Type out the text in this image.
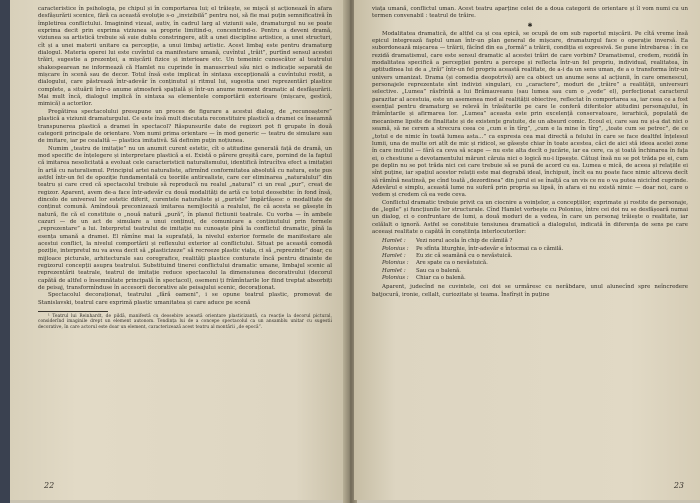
caracteristice în psihologia, pe chipul și în comportarea lui; el trăiește, se mișcă și acționează în afara desfășurării scenice, fără ca această evoluție s-o „invizibilă” pentru noi, să fie mai puțin semnificativă în împletirea conflictului. Imaginind vizual, autiv, în cadrul larg al viziunii sale, dramaturgul nu se poate exprima decit prin exprima viziunea sa proprie limitind-o, concentrind-o. Pentru a deveni dramă, viziunea sa artistică trebuie să suie dublu constringere, atît a unei discipline artistice, a unei structuri, cît și a unei materii unitare ca percepție, a unui limbaj artistic. Acest limbaj este pentru dramaturg dialogul. Materia operei lui este cuvîntul ca manifestare umană, cuvîntul „trăit”, purtînd sensul acestei trăiri, sugestie a prezenței, a mișcării fizice și interioare etc. Un temeinic cunoscător al teatrului shakespearean ne informează că Hamlet nu cuprinde în manuscrisul său nici o indicație separată de mișcare în scenă sau de decor. Totul însă este implicat în sintaxa excepțională a cuvîntului rostit, a dialogului, care păstrează într-adevăr în conținutul și ritmul lui, sugestia unei reprezentări plastice complete, a situării într-o anume atmosferă spațială și într-un anume moment dramatic al desfășurării. Mai mult încă, dialogul implică în sintaxa sa elementele comportării exterioare (mișcare, gestică, mimică) a actorilor.

Pregătirea spectacolului presupune un proces de figurare a acestui dialog, de „recunoaștere” plastică a viziunii dramaturgului. Ce este însă mult discutata reconstituire plastică a dramei ce înseamnă transpunerea plastică a dramei în spectacol? Răspunsurile date de regizori pot fi grupate în două categorii principale de orientare. Vom numi prima orientare — în mod generic — teatru de simulare sau de imitare, iar pe cealaltă — plastica imitativă. Să definim puțin noțiunea.

Numim „teatru de imitație” nu un anumit curent estetic, cît o atitudine generală față de dramă, un mod specific de înțelegere și interpretare plastică a ei. Există o părere greșită care, pornind de la faptul că imitarea nesolicitată a evoluat cele caracteristicii naturalismului, identifică întrucîtva efect a imitației în artă cu naturalismul. Principiul artei naturaliste, afirmînd conformitatea absolută cu natura, este pus astfel într-un fel de opoziție fundamentală cu teoriile antirealiste, care cer eliminarea „naturalului” din teatru și care cred că spectacolul trebuie să reproducă nu realul „natural” ci un real „pur”, creat de regizor. Aparent, avem de-a face într-adevăr cu două modalități de artă cu totul deosebite: în fond însă, dincolo de universul lor estetic diferit, curentele naturaliste și „puriste” împărtășesc o modalitate de conținut comună. Amîndouă preconizează imitarea nemijlocită a realului, fie că acesta se găsește în natură, fie că el constituie o „nouă natură „pură”, în planul fictiunii teatrale. Cu vorba — în ambele cazuri — de un act de simulare a unui conținut, de comunicare a conținutului prin formele „reprezentare” a lui. Interpretul teatrului de imitație nu cunoaște pînă la conflictul dramatic, pînă la esența umană a dramei. El rămîne mai la suprafață, la nivelul exterior formele de manifestare ale acestui conflict, la nivelul comportării și reflexului exterior al conflictului. Situat pe această comodă poziție, interpretul nu va avea decit să „plasticizeze” să recreeze plastic viața, ci să „reprezinte” doar, cu mijloace picturale, arhitecturale sau coregrafice, realități plastice conturate încă pentru dinainte de regizorul concepții asupra teatrului. Substituind tinerei conflictului dramatic umane, limbajul scenic al reprezentării teatrale, teatrul de imitație reduce spectacolul la dimensiunea decorativului (decorul capătă de altfel o însemnătate principală în spectacol), osemeni ți frămîntarile lor fiind treptat absorbiți de peisaj, transformînduse în accesorii decorative ale peisajului scenic, decoraționat.

Spectacolul decoraționat, teatrului „fără oameni”, i se opune teatrul plastic, promovat de Stanislavski, teatrul care exprimă plastic umanitatea și care aduce pe scenă

¹ Teatrul lui Reinhardt, de pildă, manifestă cu deosebire această orientare plasticizantă, ca reacție la decorul pictural, considerînd imaginile drept un element autonom. Tendința lui de a concepe spectacolul ca un ansamblu unitar cu sugestii decorative, în care actorul este doar un element, caracterizează acest teatru al montării „de epocă”.

22

viața umană, conflictul uman. Acest teatru aparține celei de a doua categorii de orientare și îl vom numi cu un termen convenabil : teatrul de trăire.

✱

Modalitatea dramatică, de altfel ca și cea epică, se ocupă de om sub raportul mișcării. Pe cîtă vreme însă epicul integrează faptul uman într-un plan general de mișcare, dramaturgul face o operație inversă. Ea subordonează mișcarea — trăirii, făcînd din ea „formă” a trăirii, condiția ei expresivă. Se pune întrebarea : în ce rezidă dramatismul, care este sensul dramatic al acestei trăiri de care vorbim? Dramatismul, credem, rezidă în modalitatea specifică a percepției pentru a percepe și reflecta într-un fel propriu, individual, realitatea, în aptitudinea lui de a „trăi” într-un fel propriu această realitate, de a-i da un sens uman, de a o transforma într-un univers umanizat. Drama (și comedia deopotrivă) are ca obiect un anume sens al acțiunii, în care omenescul, personajele reprezentate sînt indivizi singulari, cu „caractere”, moduri de „trăire” a realității, universuri selective. „Lumea” răsfrîntă a lui Brămauveanu (sau lumea sau cum o „vede” el), perfecționat caracterul parazitar al acestuia, este un asemenea mod al realității obiective, reflectat în comportarea sa, iar ceea ce a fost esențial pentru dramaturg se relevă în trăsăturile pe care le conferă diferitelor atitudini personajului, în frămîntarile și afirmarea lor. „Lumea” aceasta este prin excelență conservatoare, ierarhică, populată de mecanisme lipsite de finalitate și de existențe gratuite, de un absurd comic. Ecoul ei, care sau nu și-a dat nici o seamă, să ne cerem a strecura ceea ce „cum e în tîrg”, „cum e la mine în tîrg”, „toate cum se petrec”, de ce „totul e de nimic în toată lumea asta...” ca expresia cea mai directă a felului în care se face dealtfel înțelesul lumii, una de multe ori atît de mic și ridicol, se găsește chiar în toate acestea, căci de aici stă ideea acelei zone în care inutilul — fără ca ceva să scape — nu este alta decît o jucărie, iar ea cere, ca și toată închinarea în fața ei, o chestiune a devotamentului mărunt căruia nici o logică nu-i lipsește. Cătuși însă nu se pot trăda pe ei, cum pe deplin nu se pot trăda nici cei care trebuie să se pună de acord cu ea. Lumea e mică, de aceea și relațiile ei sînt puține, iar spațiul acestor relații este mai degrabă ideal, închipuit, încît ea nu poate face nimic altceva decît să rămînă neatinsă, pe cînd toată „dezordinea” din jurul ei se înalță ca un vis ce nu o va putea nicicînd cuprinde. Adevărul e simplu, această lume nu suferă prin propria sa lipsă, în afara ei nu există nimic — doar noi, care o vedem și credem că ea vede ceva.

Conflictul dramatic trebuie privit ca un ciocnire a voințelor, a concepțiilor, exprimate și rostite de personaje, de „legile” și funcțiunile lor structurale. Cînd Hamlet vorbește cu Polonius, între cei doi nu se desfășoară numai un dialog, ci o confruntare de lumi, a două moduri de a vedea, în care un personaj trăiește o realitate, iar celălalt o ignoră. Astfel se constituie tensiunea dramatică a dialogului, indicată în diferența de sens pe care aceeași realitate o capătă în conștiința interlocutorilor:

Hamlet : Vezi norul acela în chip de cămilă ?
Polonius : Pe sfînta liturghie, într-adevăr e întocmai ca o cămilă.
Hamlet : Eu zic că seamănă cu o nevăstuică.
Polonius : Are spate ca o nevăstuică.
Hamlet : Sau ca o balenă.
Polonius : Chiar ca o balenă.

Aparent, judecînd ne cuvintele, cei doi se urmăresc cu nerăbdare, unul alunecînd spre neîncredere batjocură, ironie, cellalt, curiozitate și teama. Însfîrșit în puține

23
